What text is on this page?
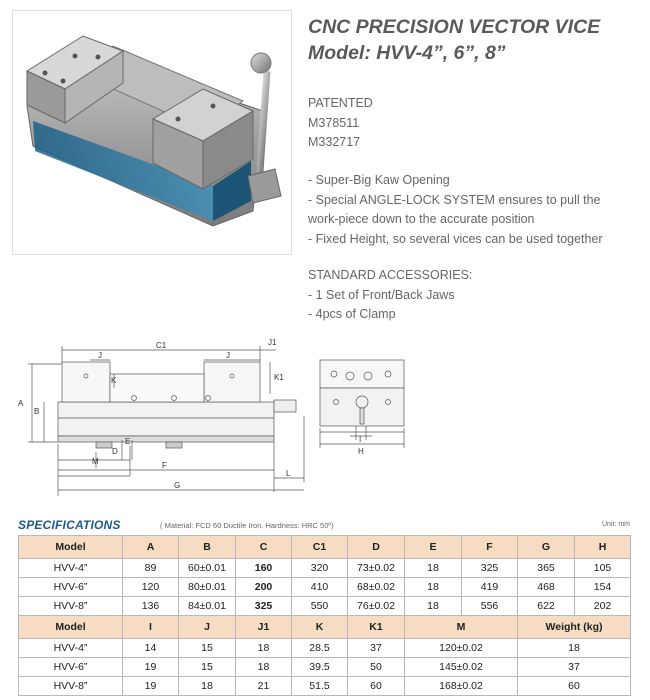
CNC PRECISION VECTOR VICE
Model: HVV-4”, 6”, 8”
PATENTED
M378511
M332717
- Super-Big Kaw Opening
- Special ANGLE-LOCK SYSTEM ensures to pull the
work-piece down to the accurate position
- Fixed Height, so several vices can be used together
STANDARD ACCESSORIES:
- 1 Set of Front/Back Jaws
- 4pcs of Clamp
C1	J1
J	J
K	K1
A
B
E
D
M	F
L
G
I
H
SPECIFICATIONS	( Material: FCD 60 Ductile Iron. Hardness: HRC 50º)	Unit: mm
Model	A	B	C	C1	D	E	F	G	H
HVV-4”	89	60±0.01	160	320	73±0.02	18	325	365	105
HVV-6”	120	80±0.01	200	410	68±0.02	18	419	468	154
HVV-8”	136	84±0.01	325	550	76±0.02	18	556	622	202
Model	I	J	J1	K	K1	M		Weight (kg)	
HVV-4”	14	15	18	28.5	37	120±0.02		18	
HVV-6”	19	15	18	39.5	50	145±0.02		37	
HVV-8”	19	18	21	51.5	60	168±0.02		60	
